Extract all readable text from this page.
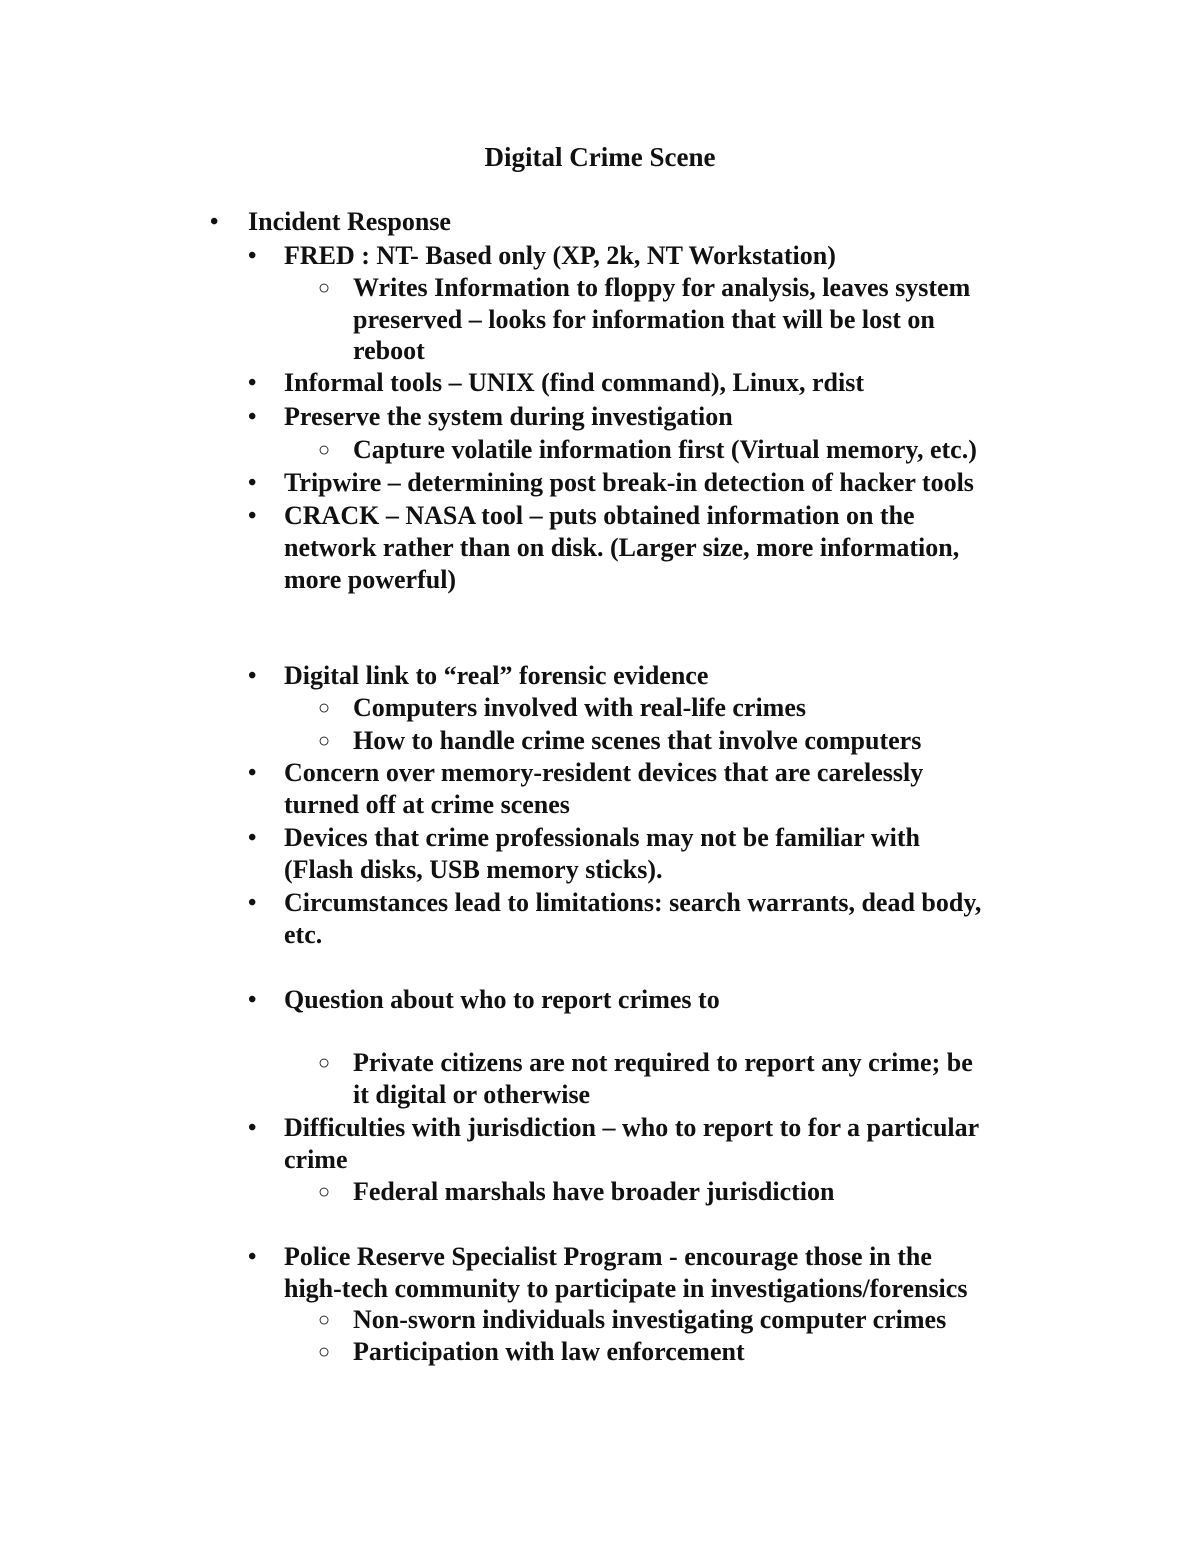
Digital Crime Scene
• Incident Response
• FRED : NT- Based only (XP, 2k, NT Workstation)
○ Writes Information to floppy for analysis, leaves system
preserved – looks for information that will be lost on
reboot
• Informal tools – UNIX (find command), Linux, rdist
• Preserve the system during investigation
○ Capture volatile information first (Virtual memory, etc.)
• Tripwire – determining post break-in detection of hacker tools
• CRACK – NASA tool – puts obtained information on the
network rather than on disk. (Larger size, more information,
more powerful)
• Digital link to “real” forensic evidence
○ Computers involved with real-life crimes
○ How to handle crime scenes that involve computers
• Concern over memory-resident devices that are carelessly
turned off at crime scenes
• Devices that crime professionals may not be familiar with
(Flash disks, USB memory sticks).
• Circumstances lead to limitations: search warrants, dead body,
etc.
• Question about who to report crimes to
○ Private citizens are not required to report any crime; be
it digital or otherwise
• Difficulties with jurisdiction – who to report to for a particular
crime
○ Federal marshals have broader jurisdiction
• Police Reserve Specialist Program - encourage those in the
high-tech community to participate in investigations/forensics
○ Non-sworn individuals investigating computer crimes
○ Participation with law enforcement
